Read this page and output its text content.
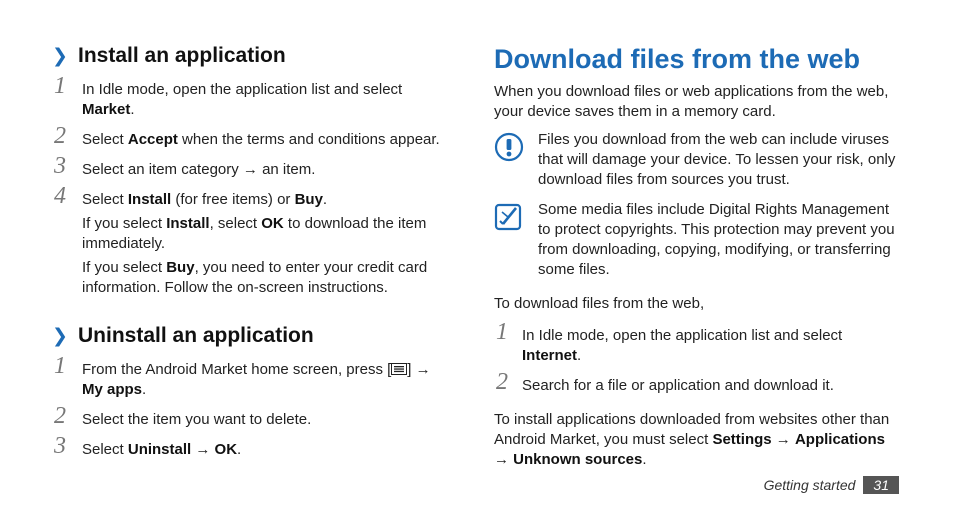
❯ Install an application
1 In Idle mode, open the application list and select Market.

2 Select Accept when the terms and conditions appear.

3 Select an item category → an item.

4 Select Install (for free items) or Buy.

If you select Install, select OK to download the item immediately.

If you select Buy, you need to enter your credit card information. Follow the on-screen instructions.

❯ Uninstall an application
1 From the Android Market home screen, press [ ] → My apps.

2 Select the item you want to delete.

3 Select Uninstall → OK.

Download files from the web

When you download files or web applications from the web, your device saves them in a memory card.

Files you download from the web can include viruses that will damage your device. To lessen your risk, only download files from sources you trust.

Some media files include Digital Rights Management to protect copyrights. This protection may prevent you from downloading, copying, modifying, or transferring some files.

To download files from the web,

1 In Idle mode, open the application list and select Internet.

2 Search for a file or application and download it.

To install applications downloaded from websites other than Android Market, you must select Settings → Applications → Unknown sources.

Getting started	31
